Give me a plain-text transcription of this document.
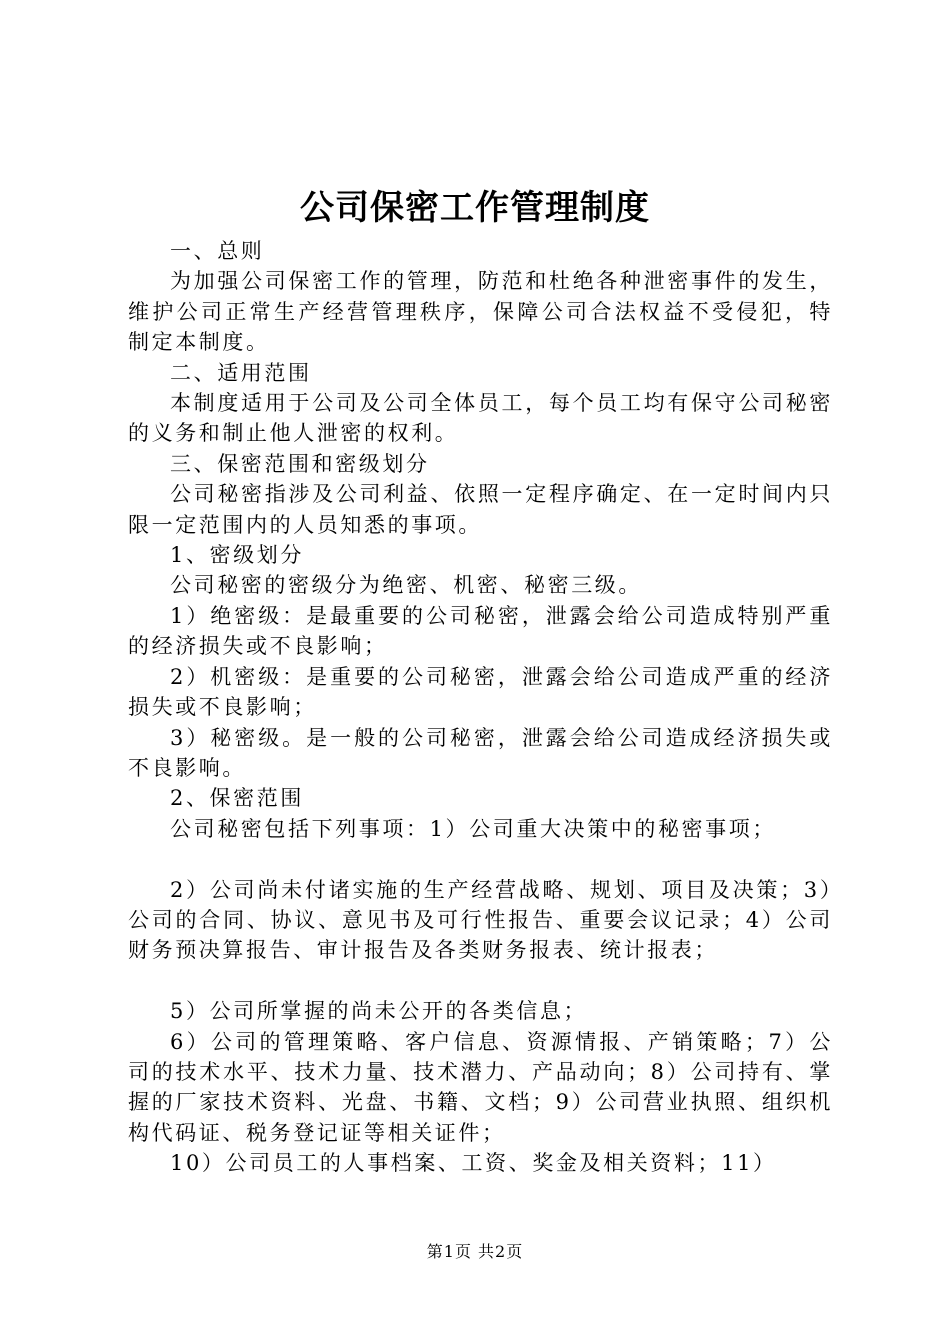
公司保密工作管理制度

一、总则

为加强公司保密工作的管理，防范和杜绝各种泄密事件的发生，维护公司正常生产经营管理秩序，保障公司合法权益不受侵犯，特制定本制度。

二、适用范围

本制度适用于公司及公司全体员工，每个员工均有保守公司秘密的义务和制止他人泄密的权利。

三、保密范围和密级划分

公司秘密指涉及公司利益、依照一定程序确定、在一定时间内只限一定范围内的人员知悉的事项。

1、密级划分

公司秘密的密级分为绝密、机密、秘密三级。

1）绝密级：是最重要的公司秘密，泄露会给公司造成特别严重的经济损失或不良影响；

2）机密级：是重要的公司秘密，泄露会给公司造成严重的经济损失或不良影响；

3）秘密级。是一般的公司秘密，泄露会给公司造成经济损失或不良影响。

2、保密范围

公司秘密包括下列事项：1）公司重大决策中的秘密事项；

2）公司尚未付诸实施的生产经营战略、规划、项目及决策；3）公司的合同、协议、意见书及可行性报告、重要会议记录；4）公司财务预决算报告、审计报告及各类财务报表、统计报表；

5）公司所掌握的尚未公开的各类信息；

6）公司的管理策略、客户信息、资源情报、产销策略；7）公司的技术水平、技术力量、技术潜力、产品动向；8）公司持有、掌握的厂家技术资料、光盘、书籍、文档；9）公司营业执照、组织机构代码证、税务登记证等相关证件；

10）公司员工的人事档案、工资、奖金及相关资料；11）

第1页 共2页
